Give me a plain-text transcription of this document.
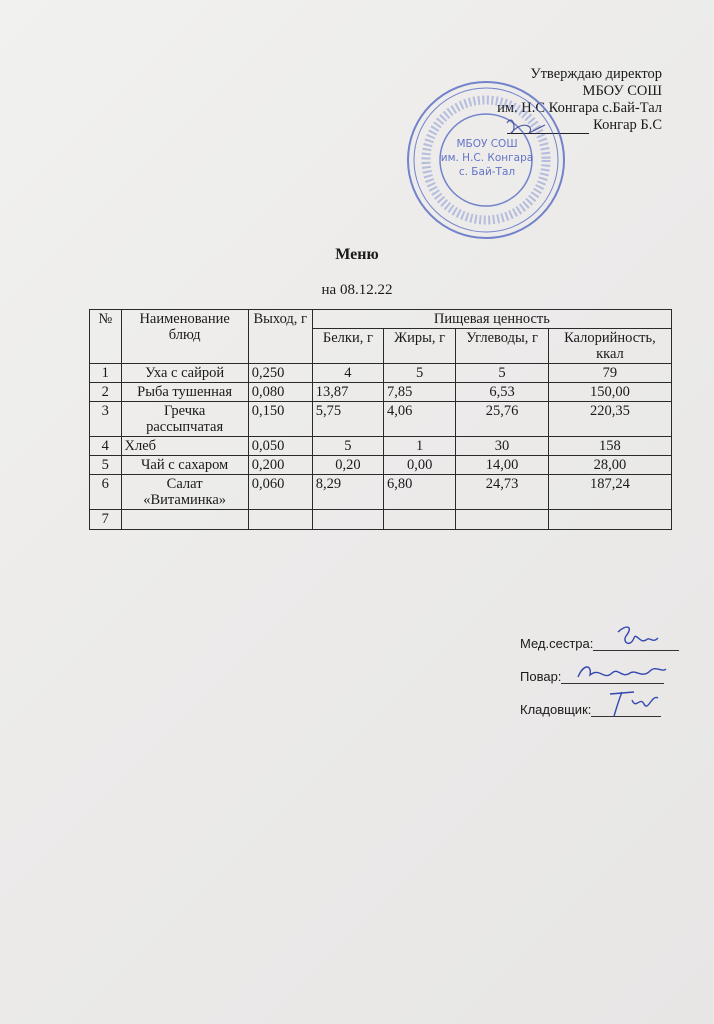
Утверждаю директор
МБОУ СОШ
им. Н.С Конгара с.Бай-Тал
Конгар Б.С
МБОУ СОШ
им. Н.С. Конгара
с. Бай-Тал
Меню
на 08.12.22
№	Наименование блюд	Выход, г	Пищевая ценность			
			Белки, г	Жиры, г	Углеводы, г	Калорийность, ккал
1	Уха с сайрой	0,250	4	5	5	79
2	Рыба тушенная	0,080	13,87	7,85	6,53	150,00
3	Гречка рассыпчатая	0,150	5,75	4,06	25,76	220,35
4	Хлеб	0,050	5	1	30	158
5	Чай с сахаром	0,200	0,20	0,00	14,00	28,00
6	Салат «Витаминка»	0,060	8,29	6,80	24,73	187,24
7						
Мед.сестра:
Повар:
Кладовщик:
